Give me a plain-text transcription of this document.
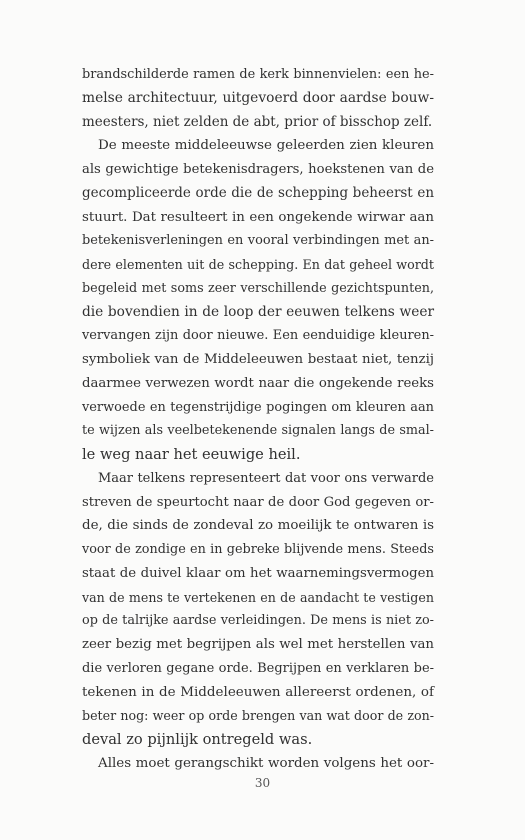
brandschilderde ramen de kerk binnenvielen: een he-
melse architectuur, uitgevoerd door aardse bouw-
meesters, niet zelden de abt, prior of bisschop zelf.
De meeste middeleeuwse geleerden zien kleuren
als gewichtige betekenisdragers, hoekstenen van de
gecompliceerde orde die de schepping beheerst en
stuurt. Dat resulteert in een ongekende wirwar aan
betekenisverleningen en vooral verbindingen met an-
dere elementen uit de schepping. En dat geheel wordt
begeleid met soms zeer verschillende gezichtspunten,
die bovendien in de loop der eeuwen telkens weer
vervangen zijn door nieuwe. Een eenduidige kleuren-
symboliek van de Middeleeuwen bestaat niet, tenzij
daarmee verwezen wordt naar die ongekende reeks
verwoede en tegenstrijdige pogingen om kleuren aan
te wijzen als veelbetekenende signalen langs de smal-
le weg naar het eeuwige heil.
Maar telkens representeert dat voor ons verwarde
streven de speurtocht naar de door God gegeven or-
de, die sinds de zondeval zo moeilijk te ontwaren is
voor de zondige en in gebreke blijvende mens. Steeds
staat de duivel klaar om het waarnemingsvermogen
van de mens te vertekenen en de aandacht te vestigen
op de talrijke aardse verleidingen. De mens is niet zo-
zeer bezig met begrijpen als wel met herstellen van
die verloren gegane orde. Begrijpen en verklaren be-
tekenen in de Middeleeuwen allereerst ordenen, of
beter nog: weer op orde brengen van wat door de zon-
deval zo pijnlijk ontregeld was.
Alles moet gerangschikt worden volgens het oor-
30
